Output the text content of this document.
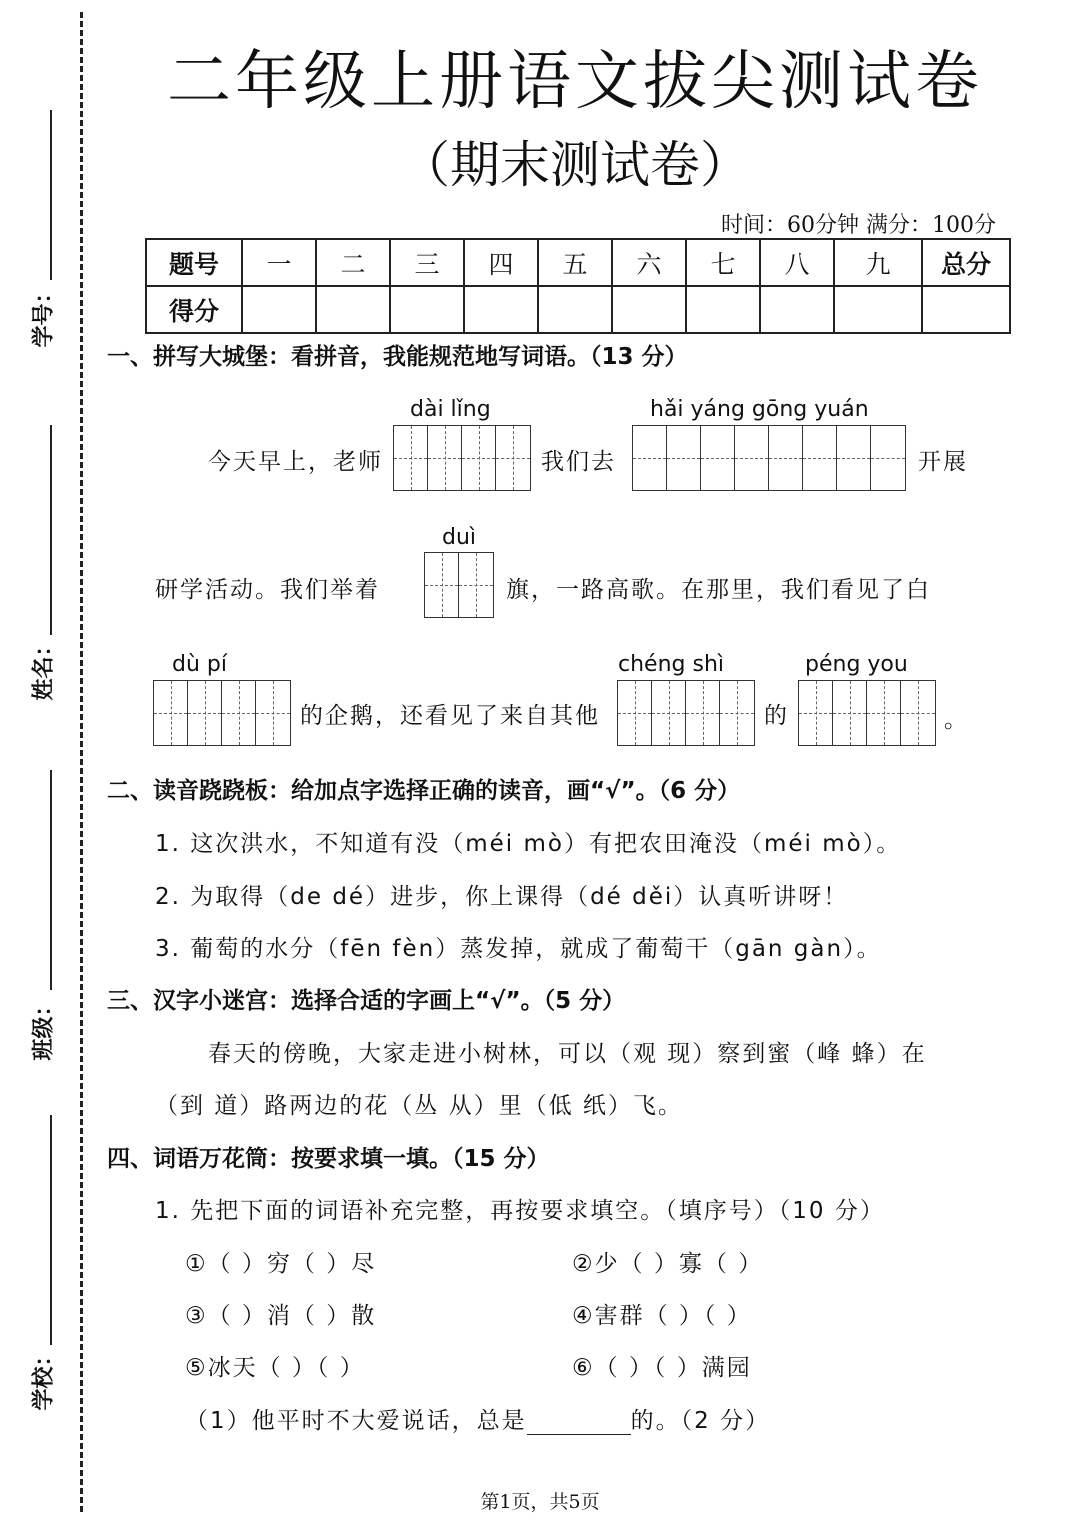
学号：
姓名：
班级：
学校：
二年级上册语文拔尖测试卷
（期末测试卷）
时间：60分钟 满分：100分
题号	一	二	三	四	五	六	七	八	九	总分
得分										
一、拼写大城堡：看拼音，我能规范地写词语。（13 分）
dài lǐng	hǎi yáng gōng yuán
今天早上，老师	我们去	开展
duì
研学活动。我们举着	旗，一路高歌。在那里，我们看见了白
dù pí	chéng shì	péng you
的企鹅，还看见了来自其他	的	。
二、读音跷跷板：给加点字选择正确的读音，画“√”。（6 分）
1. 这次洪水，不知道有没（méi mò）有把农田淹没（méi mò）。
2. 为取得（de dé）进步，你上课得（dé děi）认真听讲呀！
3. 葡萄的水分（fēn fèn）蒸发掉，就成了葡萄干（gān gàn）。
三、汉字小迷宫：选择合适的字画上“√”。（5 分）
春天的傍晚，大家走进小树林，可以（观 现）察到蜜（峰 蜂）在
（到 道）路两边的花（丛 从）里（低 纸）飞。
四、词语万花筒：按要求填一填。（15 分）
1. 先把下面的词语补充完整，再按要求填空。（填序号）（10 分）
①（ ）穷（ ）尽	②少（ ）寡（ ）
③（ ）消（ ）散	④害群（ ）（ ）
⑤冰天（ ）（ ）	⑥（ ）（ ）满园
（1）他平时不大爱说话，总是	的。（2 分）
第1页，共5页
